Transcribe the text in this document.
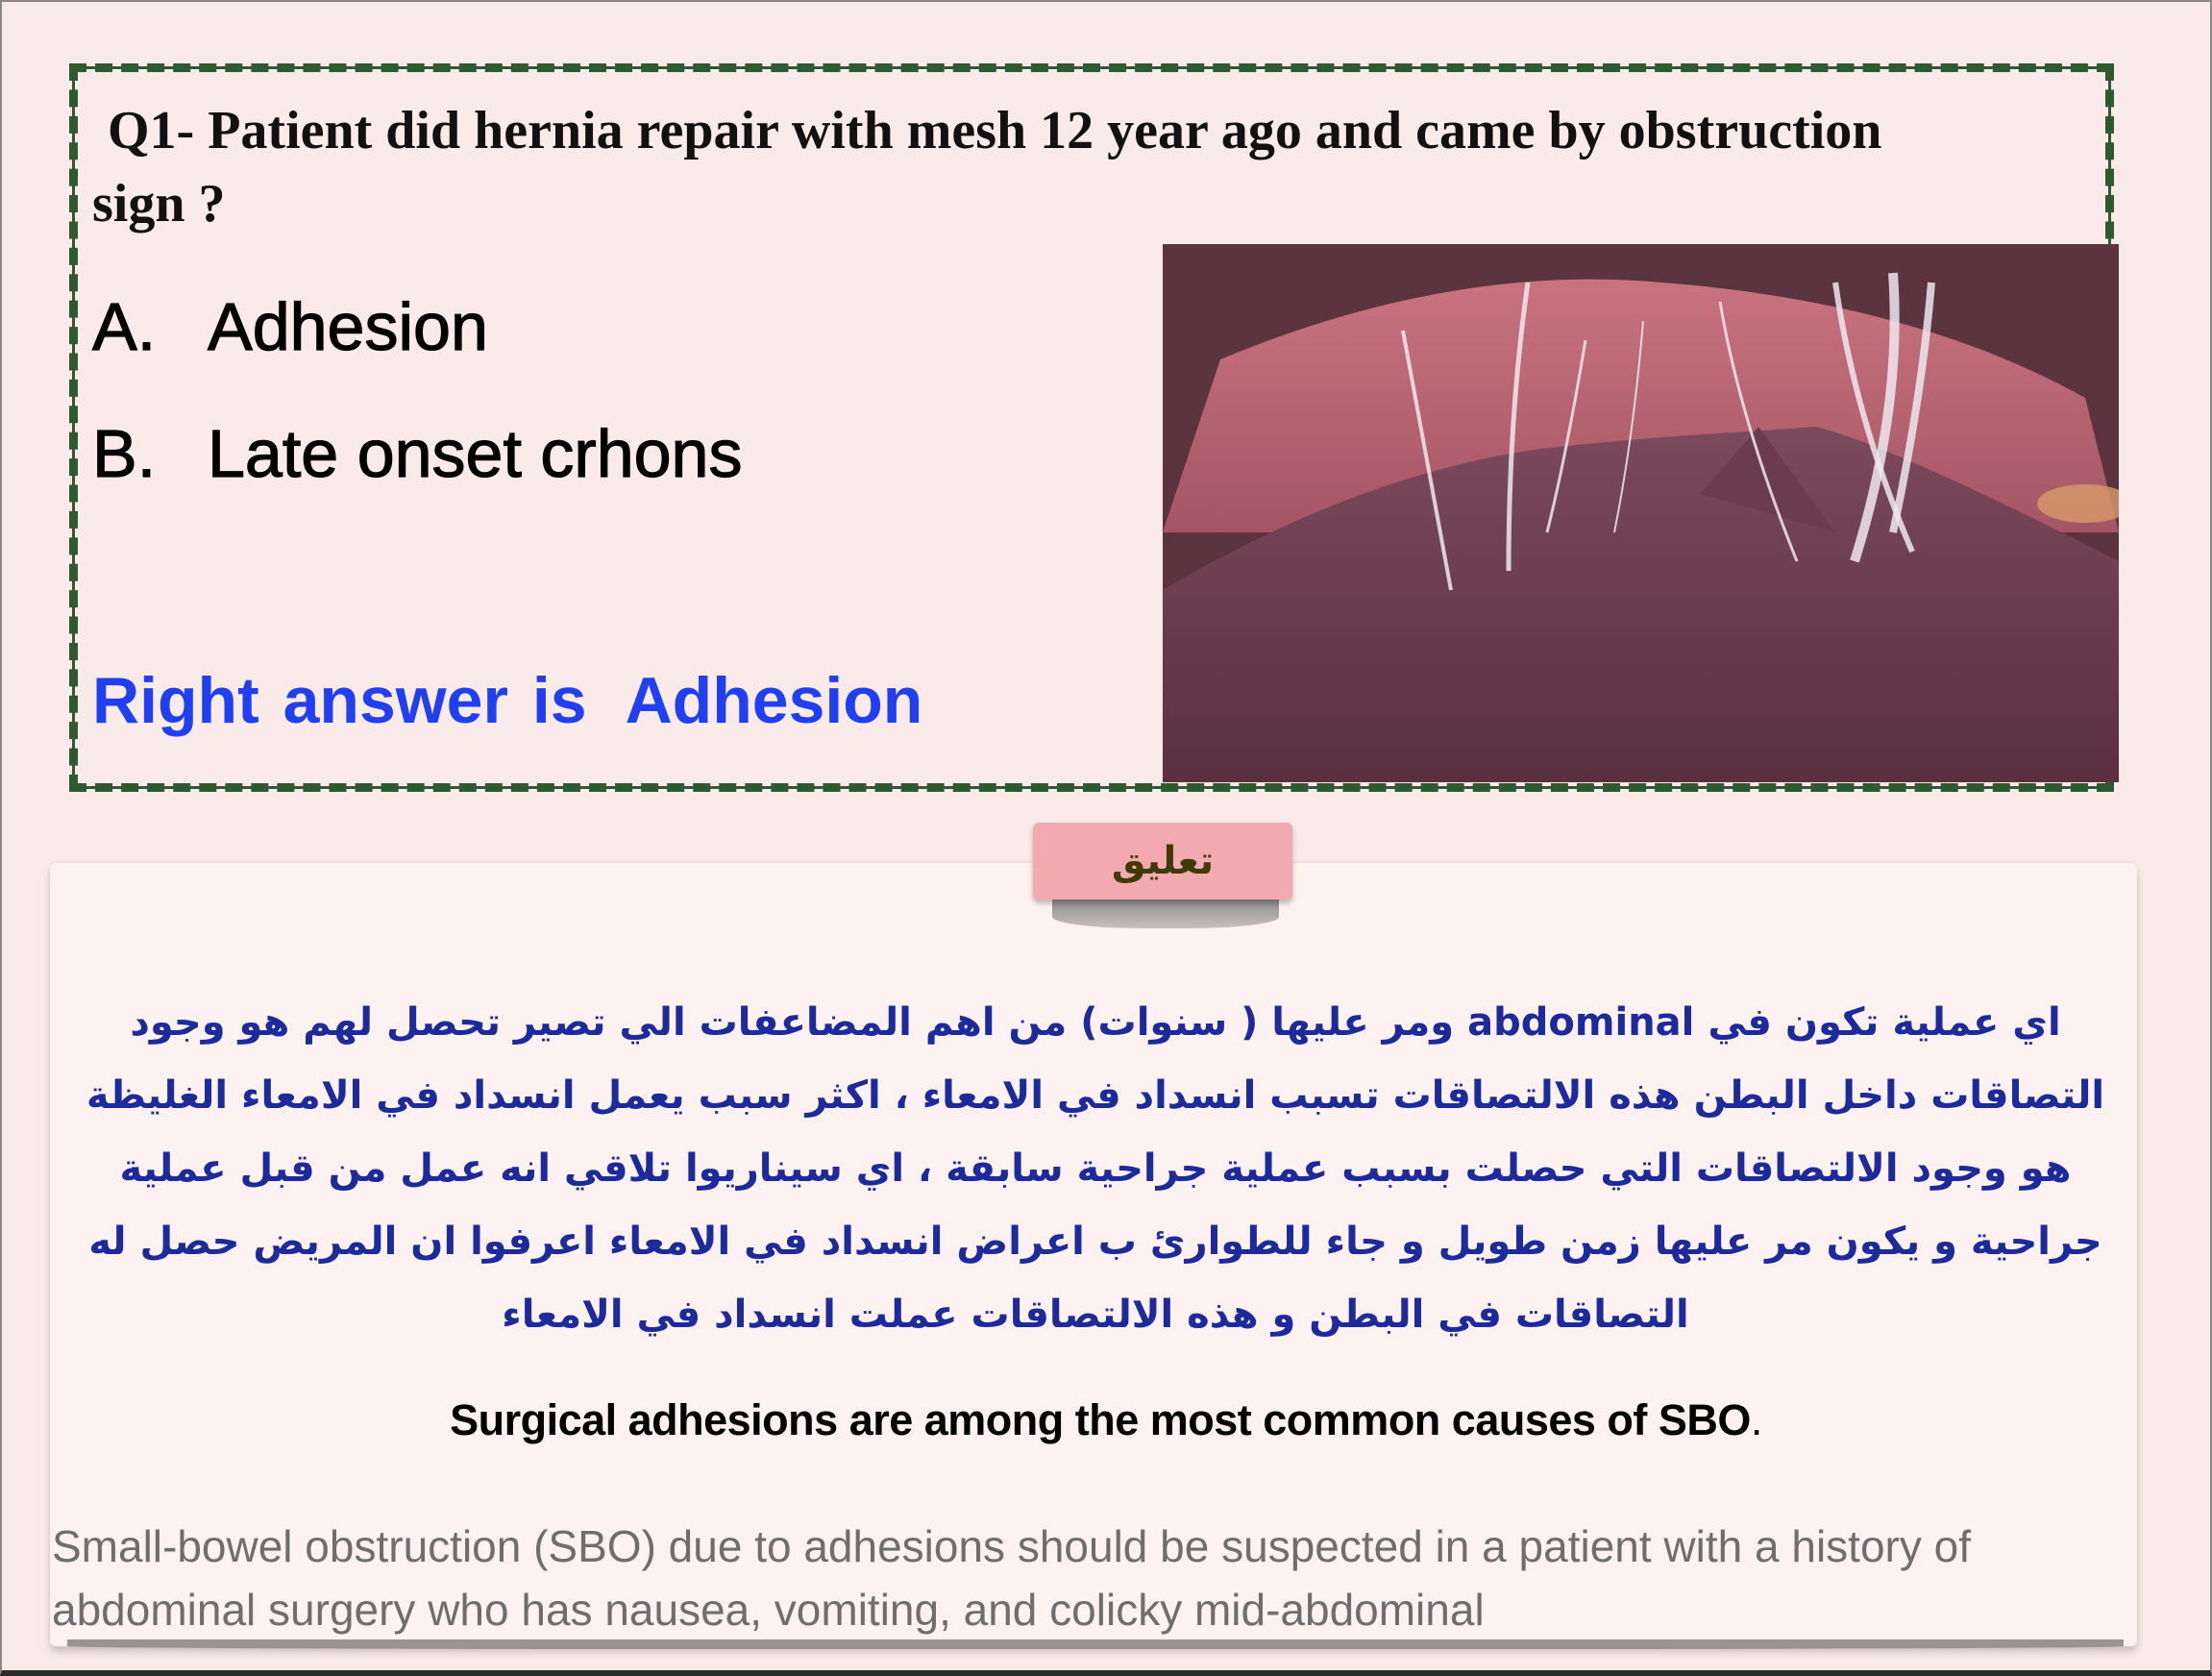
Q1- Patient did hernia repair with mesh 12 year ago and came by obstruction sign ?

A. Adhesion

B. Late onset crhons

Right answer is Adhesion

تعليق

اي عملية تكون في abdominal ومر عليها ( سنوات) من اهم المضاعفات الي تصير تحصل لهم هو وجود التصاقات داخل البطن هذه الالتصاقات تسبب انسداد في الامعاء ، اكثر سبب يعمل انسداد في الامعاء الغليظة هو وجود الالتصاقات التي حصلت بسبب عملية جراحية سابقة ، اي سيناريوا تلاقي انه عمل من قبل عملية جراحية و يكون مر عليها زمن طويل و جاء للطوارئ ب اعراض انسداد في الامعاء اعرفوا ان المريض حصل له التصاقات في البطن و هذه الالتصاقات عملت انسداد في الامعاء

Surgical adhesions are among the most common causes of SBO.

Small-bowel obstruction (SBO) due to adhesions should be suspected in a patient with a history of abdominal surgery who has nausea, vomiting, and colicky mid-abdominal
